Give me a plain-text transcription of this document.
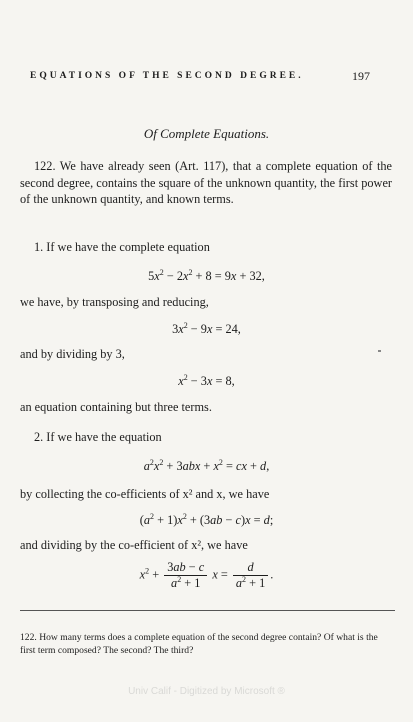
EQUATIONS OF THE SECOND DEGREE.	197
Of Complete Equations.
122. We have already seen (Art. 117), that a complete equation of the second degree, contains the square of the unknown quantity, the first power of the unknown quantity, and known terms.
1. If we have the complete equation
$5x^2 - 2x^2 + 8 = 9x + 32$,
we have, by transposing and reducing,
$3x^2 - 9x = 24$,
and by dividing by 3,
$x^2 - 3x = 8$,
an equation containing but three terms.
2. If we have the equation
$a^2x^2 + 3abx + x^2$ = cx + d,
by collecting the co-efficients of x² and x, we have
$(a^2 + 1)x^2 + (3ab - c)x = d$;
and dividing by the co-efficient of x², we have
$x^2 + \frac{3ab - c}{a^2 + 1}$ $x = \frac{d}{a^2 + 1}$ .
122. How many terms does a complete equation of the second degree contain? Of what is the first term composed? The second? The third?
Univ Calif - Digitized by Microsoft ®
